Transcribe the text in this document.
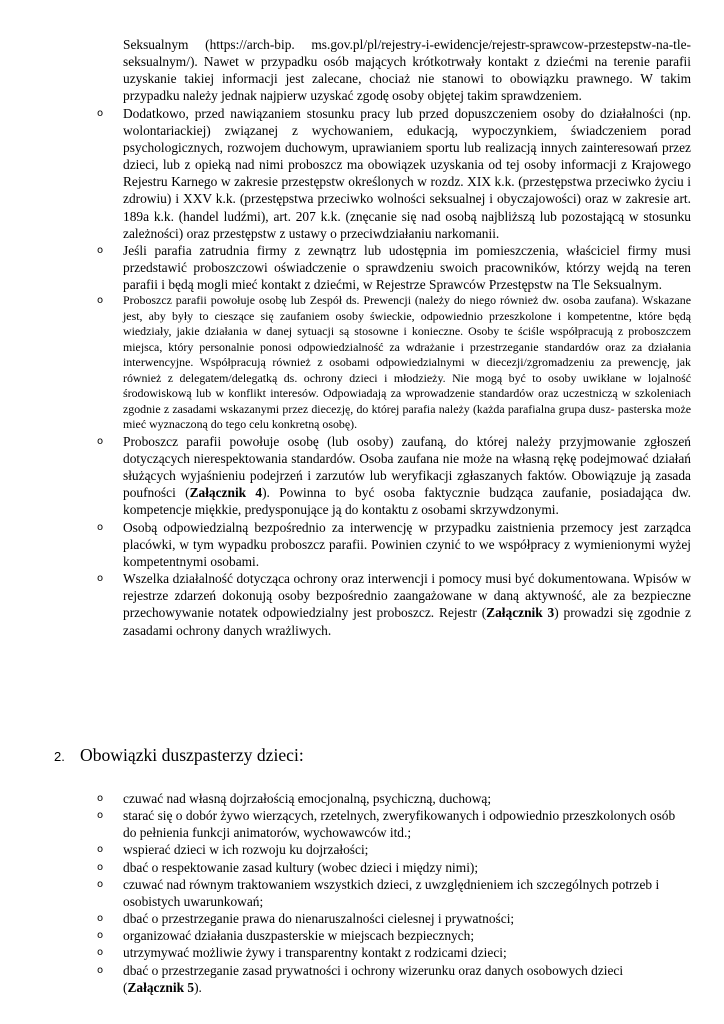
Seksualnym (https://arch-bip. ms.gov.pl/pl/rejestry-i-ewidencje/rejestr-sprawcow-przestepstw-na-tle-seksualnym/). Nawet w przypadku osób mających krótkotrwały kontakt z dziećmi na terenie parafii uzyskanie takiej informacji jest zalecane, chociaż nie stanowi to obowiązku prawnego. W takim przypadku należy jednak najpierw uzyskać zgodę osoby objętej takim sprawdzeniem.
o Dodatkowo, przed nawiązaniem stosunku pracy lub przed dopuszczeniem osoby do działalności (np. wolontariackiej) związanej z wychowaniem, edukacją, wypoczynkiem, świadczeniem porad psychologicznych, rozwojem duchowym, uprawianiem sportu lub realizacją innych zainteresowań przez dzieci, lub z opieką nad nimi proboszcz ma obowiązek uzyskania od tej osoby informacji z Krajowego Rejestru Karnego w zakresie przestępstw określonych w rozdz. XIX k.k. (przestępstwa przeciwko życiu i zdrowiu) i XXV k.k. (przestępstwa przeciwko wolności seksualnej i obyczajowości) oraz w zakresie art. 189a k.k. (handel ludźmi), art. 207 k.k. (znęcanie się nad osobą najbliższą lub pozostającą w stosunku zależności) oraz przestępstw z ustawy o przeciwdziałaniu narkomanii.
o Jeśli parafia zatrudnia firmy z zewnątrz lub udostępnia im pomieszczenia, właściciel firmy musi przedstawić proboszczowi oświadczenie o sprawdzeniu swoich pracowników, którzy wejdą na teren parafii i będą mogli mieć kontakt z dziećmi, w Rejestrze Sprawców Przestępstw na Tle Seksualnym.
o Proboszcz parafii powołuje osobę lub Zespół ds. Prewencji (należy do niego również dw. osoba zaufana). Wskazane jest, aby były to cieszące się zaufaniem osoby świeckie, odpowiednio przeszkolone i kompetentne, które będą wiedziały, jakie działania w danej sytuacji są stosowne i konieczne. Osoby te ściśle współpracują z proboszczem miejsca, który personalnie ponosi odpowiedzialność za wdrażanie i przestrzeganie standardów oraz za działania interwencyjne. Współpracują również z osobami odpowiedzialnymi w diecezji/zgromadzeniu za prewencję, jak również z delegatem/delegatką ds. ochrony dzieci i młodzieży. Nie mogą być to osoby uwikłane w lojalność środowiskową lub w konflikt interesów. Odpowiadają za wprowadzenie standardów oraz uczestniczą w szkoleniach zgodnie z zasadami wskazanymi przez diecezję, do której parafia należy (każda parafialna grupa dusz- pasterska może mieć wyznaczoną do tego celu konkretną osobę).
o Proboszcz parafii powołuje osobę (lub osoby) zaufaną, do której należy przyjmowanie zgłoszeń dotyczących nierespektowania standardów. Osoba zaufana nie może na własną rękę podejmować działań służących wyjaśnieniu podejrzeń i zarzutów lub weryfikacji zgłaszanych faktów. Obowiązuje ją zasada poufności (Załącznik 4). Powinna to być osoba faktycznie budząca zaufanie, posiadająca dw. kompetencje miękkie, predysponujące ją do kontaktu z osobami skrzywdzonymi.
o Osobą odpowiedzialną bezpośrednio za interwencję w przypadku zaistnienia przemocy jest zarządca placówki, w tym wypadku proboszcz parafii. Powinien czynić to we współpracy z wymienionymi wyżej kompetentnymi osobami.
o Wszelka działalność dotycząca ochrony oraz interwencji i pomocy musi być dokumentowana. Wpisów w rejestrze zdarzeń dokonują osoby bezpośrednio zaangażowane w daną aktywność, ale za bezpieczne przechowywanie notatek odpowiedzialny jest proboszcz. Rejestr (Załącznik 3) prowadzi się zgodnie z zasadami ochrony danych wrażliwych.
2. Obowiązki duszpasterzy dzieci:
o czuwać nad własną dojrzałością emocjonalną, psychiczną, duchową;
o starać się o dobór żywo wierzących, rzetelnych, zweryfikowanych i odpowiednio przeszkolonych osób do pełnienia funkcji animatorów, wychowawców itd.;
o wspierać dzieci w ich rozwoju ku dojrzałości;
o dbać o respektowanie zasad kultury (wobec dzieci i między nimi);
o czuwać nad równym traktowaniem wszystkich dzieci, z uwzględnieniem ich szczególnych potrzeb i osobistych uwarunkowań;
o dbać o przestrzeganie prawa do nienaruszalności cielesnej i prywatności;
o organizować działania duszpasterskie w miejscach bezpiecznych;
o utrzymywać możliwie żywy i transparentny kontakt z rodzicami dzieci;
o dbać o przestrzeganie zasad prywatności i ochrony wizerunku oraz danych osobowych dzieci (Załącznik 5).
